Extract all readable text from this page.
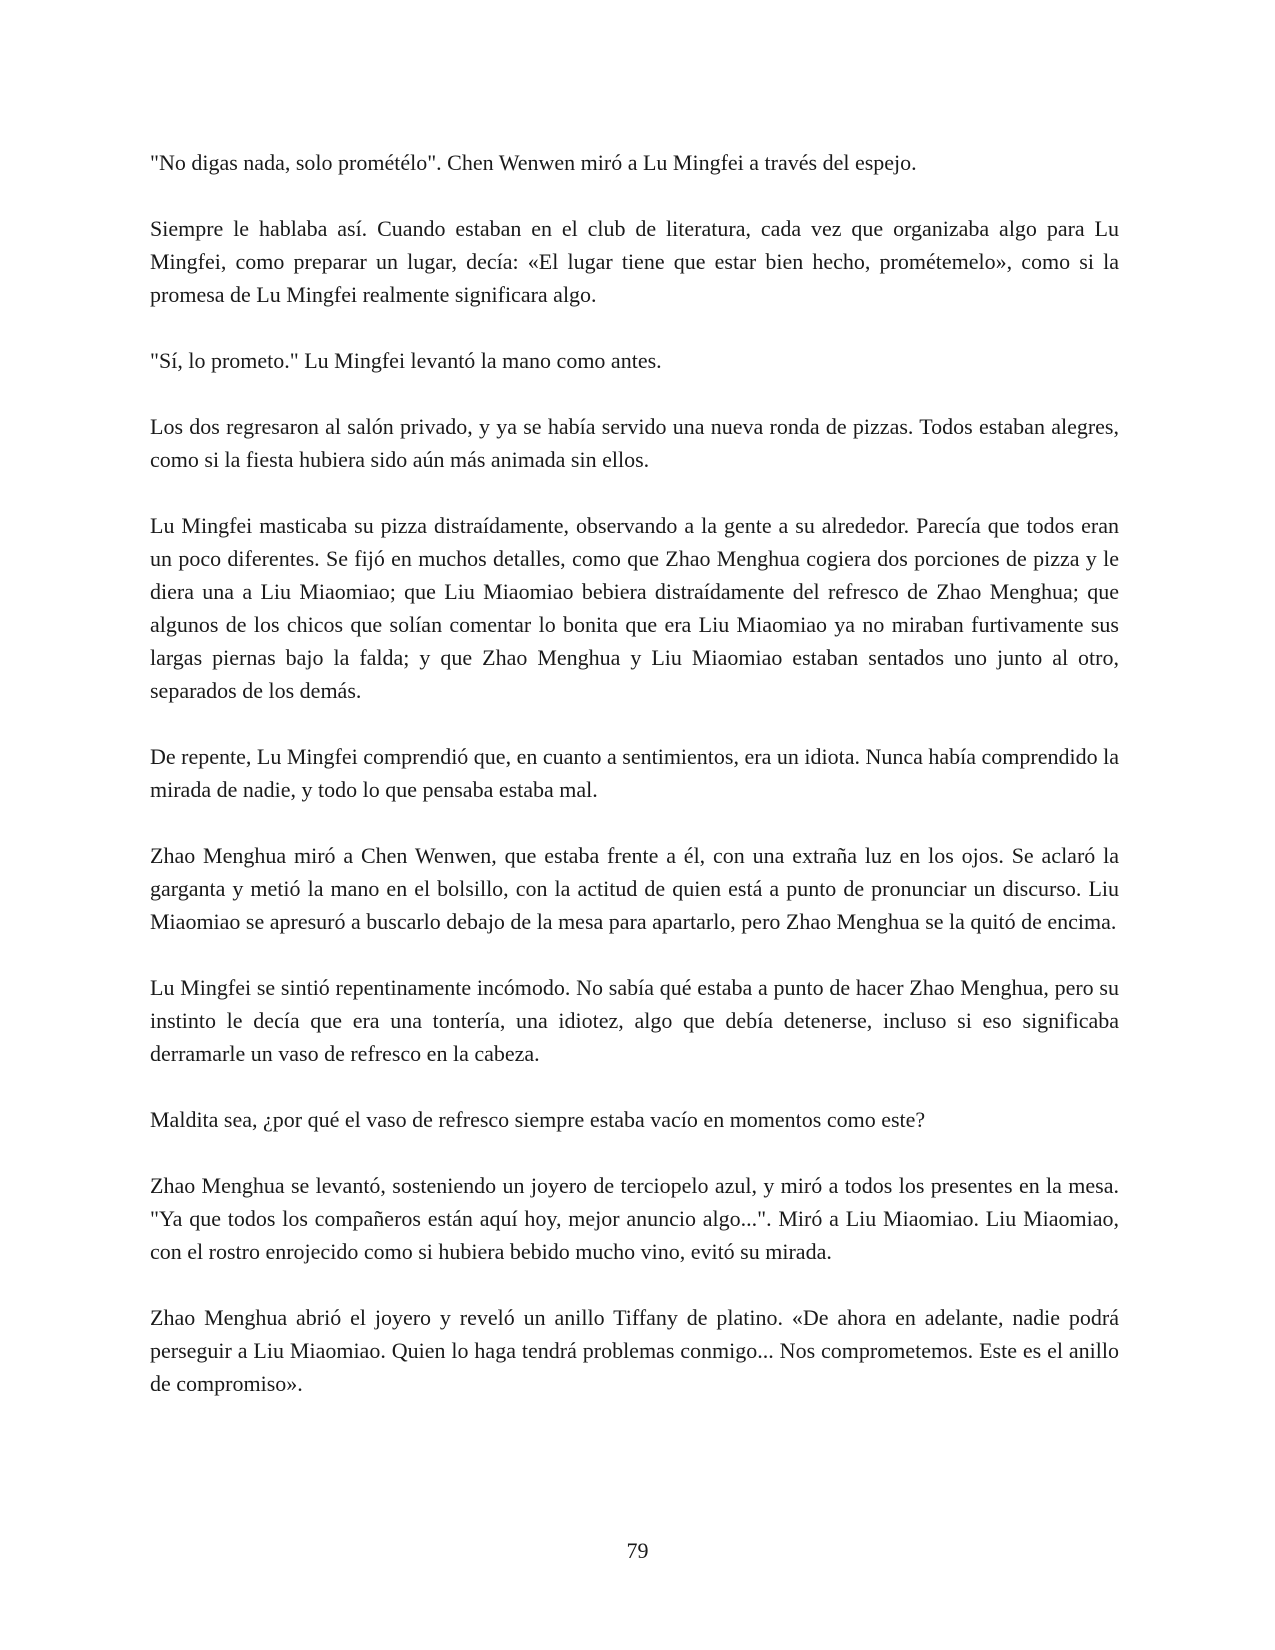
"No digas nada, solo prométélo". Chen Wenwen miró a Lu Mingfei a través del espejo.

Siempre le hablaba así. Cuando estaban en el club de literatura, cada vez que organizaba algo para Lu Mingfei, como preparar un lugar, decía: «El lugar tiene que estar bien hecho, prométemelo», como si la promesa de Lu Mingfei realmente significara algo.

"Sí, lo prometo." Lu Mingfei levantó la mano como antes.

Los dos regresaron al salón privado, y ya se había servido una nueva ronda de pizzas. Todos estaban alegres, como si la fiesta hubiera sido aún más animada sin ellos.

Lu Mingfei masticaba su pizza distraídamente, observando a la gente a su alrededor. Parecía que todos eran un poco diferentes. Se fijó en muchos detalles, como que Zhao Menghua cogiera dos porciones de pizza y le diera una a Liu Miaomiao; que Liu Miaomiao bebiera distraídamente del refresco de Zhao Menghua; que algunos de los chicos que solían comentar lo bonita que era Liu Miaomiao ya no miraban furtivamente sus largas piernas bajo la falda; y que Zhao Menghua y Liu Miaomiao estaban sentados uno junto al otro, separados de los demás.

De repente, Lu Mingfei comprendió que, en cuanto a sentimientos, era un idiota. Nunca había comprendido la mirada de nadie, y todo lo que pensaba estaba mal.

Zhao Menghua miró a Chen Wenwen, que estaba frente a él, con una extraña luz en los ojos. Se aclaró la garganta y metió la mano en el bolsillo, con la actitud de quien está a punto de pronunciar un discurso. Liu Miaomiao se apresuró a buscarlo debajo de la mesa para apartarlo, pero Zhao Menghua se la quitó de encima.

Lu Mingfei se sintió repentinamente incómodo. No sabía qué estaba a punto de hacer Zhao Menghua, pero su instinto le decía que era una tontería, una idiotez, algo que debía detenerse, incluso si eso significaba derramarle un vaso de refresco en la cabeza.

Maldita sea, ¿por qué el vaso de refresco siempre estaba vacío en momentos como este?

Zhao Menghua se levantó, sosteniendo un joyero de terciopelo azul, y miró a todos los presentes en la mesa. "Ya que todos los compañeros están aquí hoy, mejor anuncio algo...". Miró a Liu Miaomiao. Liu Miaomiao, con el rostro enrojecido como si hubiera bebido mucho vino, evitó su mirada.

Zhao Menghua abrió el joyero y reveló un anillo Tiffany de platino. «De ahora en adelante, nadie podrá perseguir a Liu Miaomiao. Quien lo haga tendrá problemas conmigo... Nos comprometemos. Este es el anillo de compromiso».

79
